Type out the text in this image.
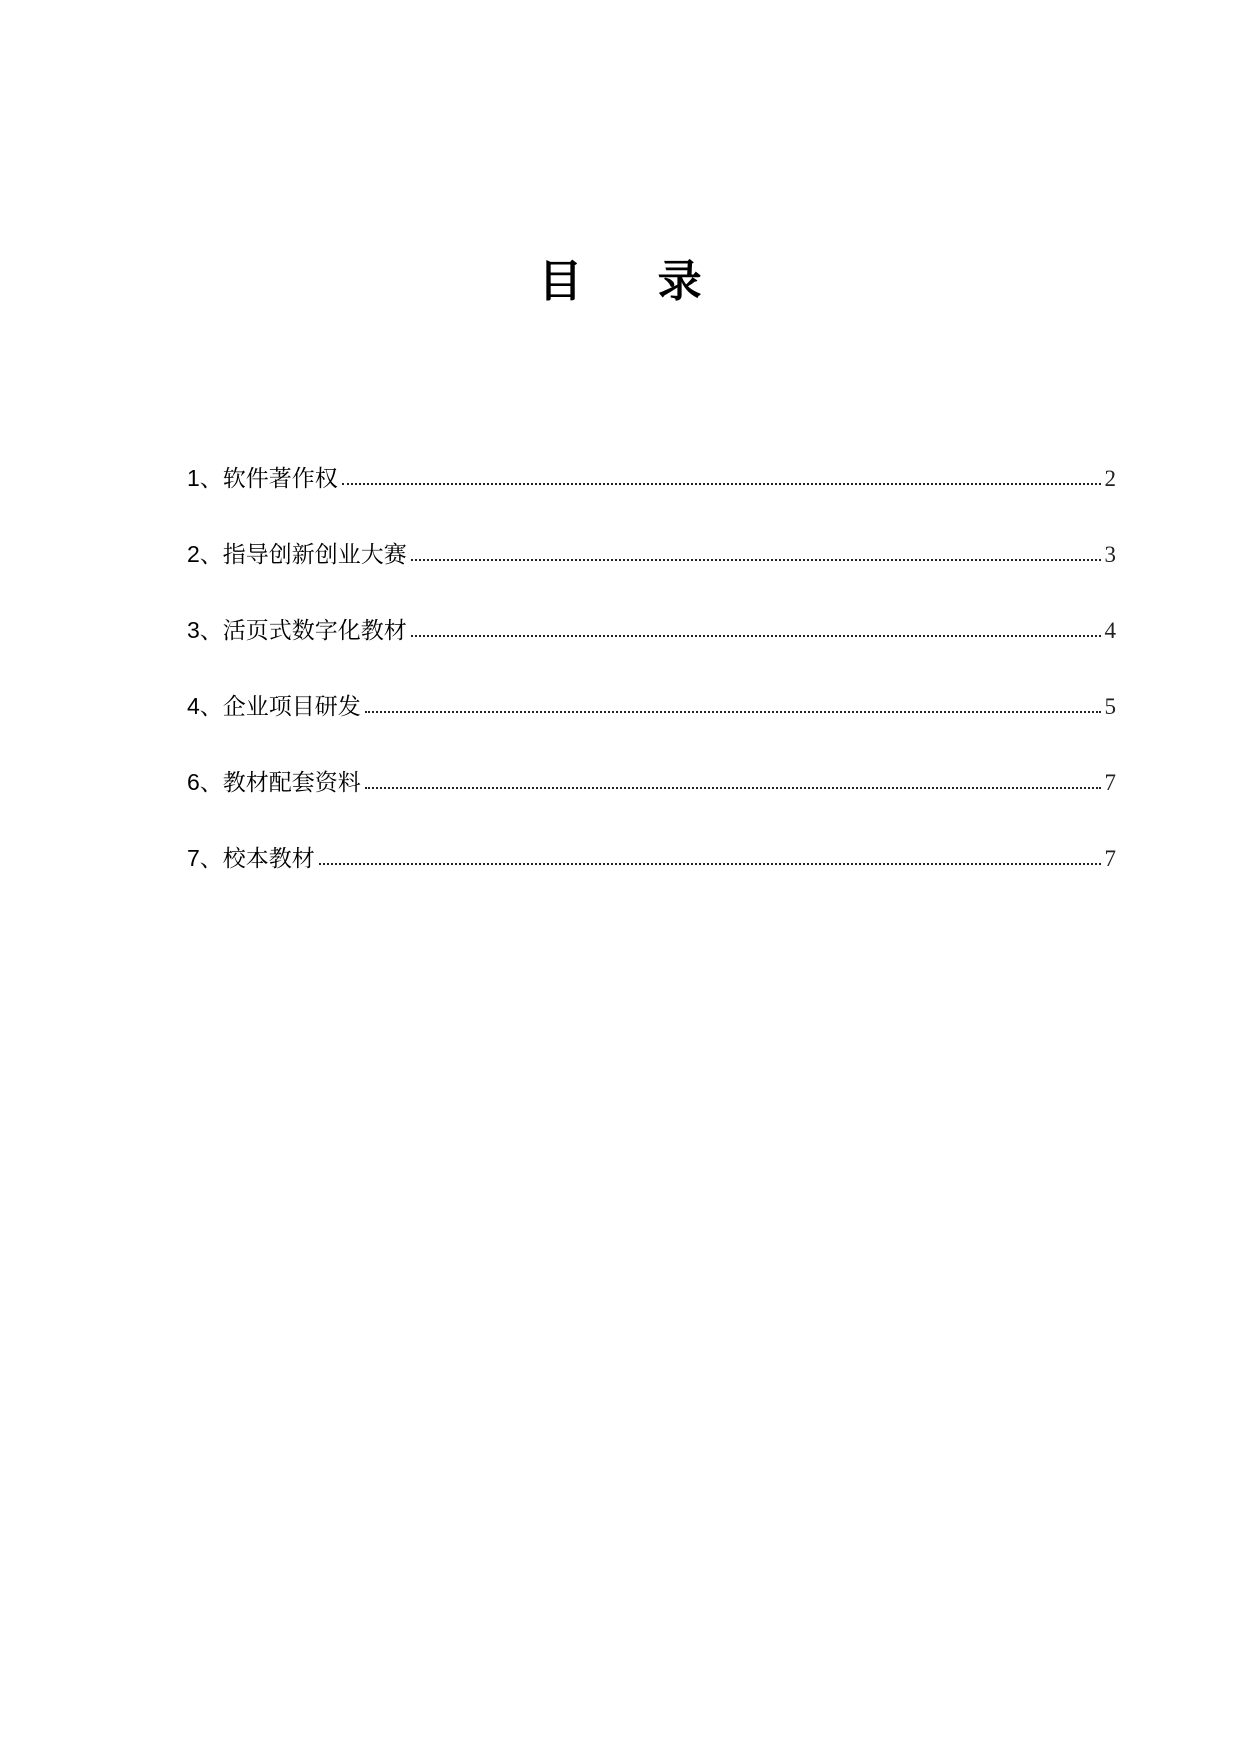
目 录
1 、 软件著作权	2
2 、 指导创新创业大赛	3
3 、 活页式数字化教材	4
4 、 企业项目研发	5
6 、 教材配套资料	7
7 、 校本教材	7
